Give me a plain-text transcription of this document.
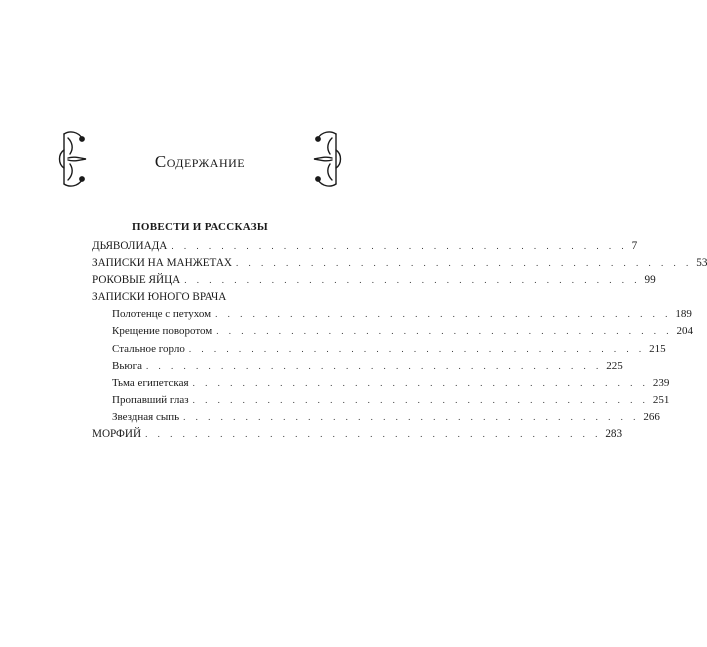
Содержание
ПОВЕСТИ И РАССКАЗЫ
ДЬЯВОЛИАДА . . . . . . . . . . . . . . . . . . . . . . . . . . . . . . . . . . . . . 7
ЗАПИСКИ НА МАНЖЕТАХ . . . . . . . . . . . . . . . . . . . . . . . . . . . . . . . . . . . . . 53
РОКОВЫЕ ЯЙЦА . . . . . . . . . . . . . . . . . . . . . . . . . . . . . . . . . . . . . 99
ЗАПИСКИ ЮНОГО ВРАЧА
Полотенце с петухом . . . . . . . . . . . . . . . . . . . . . . . . . . . . . . . . . . . . . 189
Крещение поворотом . . . . . . . . . . . . . . . . . . . . . . . . . . . . . . . . . . . . . 204
Стальное горло . . . . . . . . . . . . . . . . . . . . . . . . . . . . . . . . . . . . . 215
Вьюга . . . . . . . . . . . . . . . . . . . . . . . . . . . . . . . . . . . . . 225
Тьма египетская . . . . . . . . . . . . . . . . . . . . . . . . . . . . . . . . . . . . . 239
Пропавший глаз . . . . . . . . . . . . . . . . . . . . . . . . . . . . . . . . . . . . . 251
Звездная сыпь . . . . . . . . . . . . . . . . . . . . . . . . . . . . . . . . . . . . . 266
МОРФИЙ . . . . . . . . . . . . . . . . . . . . . . . . . . . . . . . . . . . . . 283
